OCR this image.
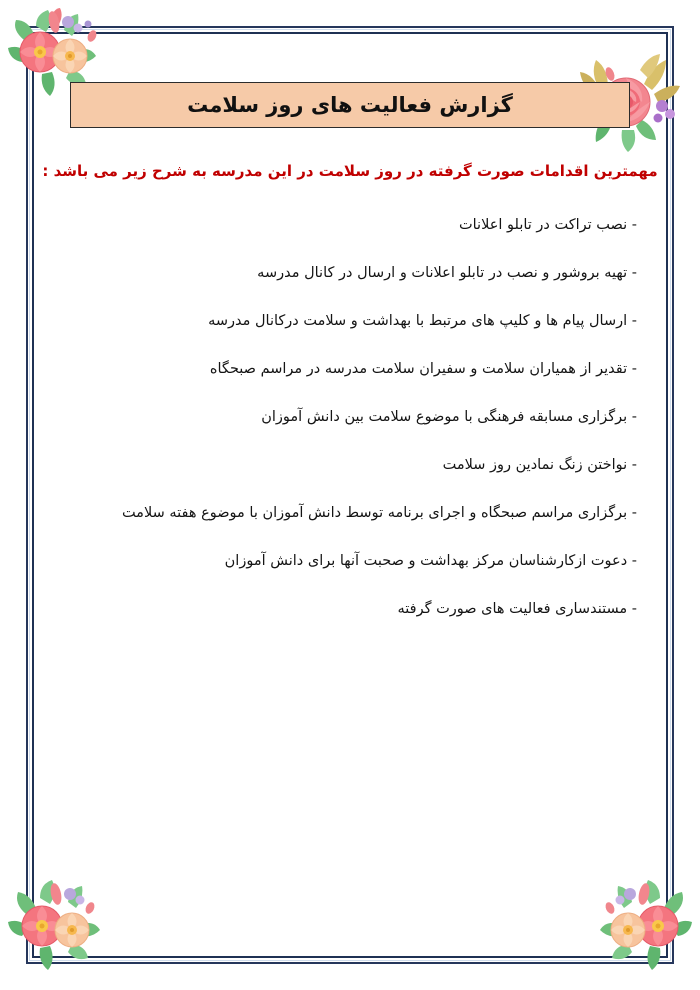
گزارش فعالیت های روز سلامت
مهمترین اقدامات صورت گرفته در روز سلامت در این مدرسه به شرح زیر می باشد :
- نصب تراکت در تابلو اعلانات
- تهیه بروشور و نصب در تابلو اعلانات و ارسال در کانال مدرسه
- ارسال پیام ها و کلیپ های مرتبط با بهداشت و سلامت درکانال مدرسه
- تقدیر از همیاران سلامت و سفیران سلامت مدرسه در مراسم صبحگاه
- برگزاری مسابقه فرهنگی با موضوع سلامت بین دانش آموزان
- نواختن زنگ نمادین روز سلامت
- برگزاری مراسم صبحگاه و اجرای برنامه توسط دانش آموزان با موضوع هفته سلامت
- دعوت ازکارشناسان مرکز بهداشت و صحبت آنها برای دانش آموزان
- مستندساری فعالیت های صورت گرفته
